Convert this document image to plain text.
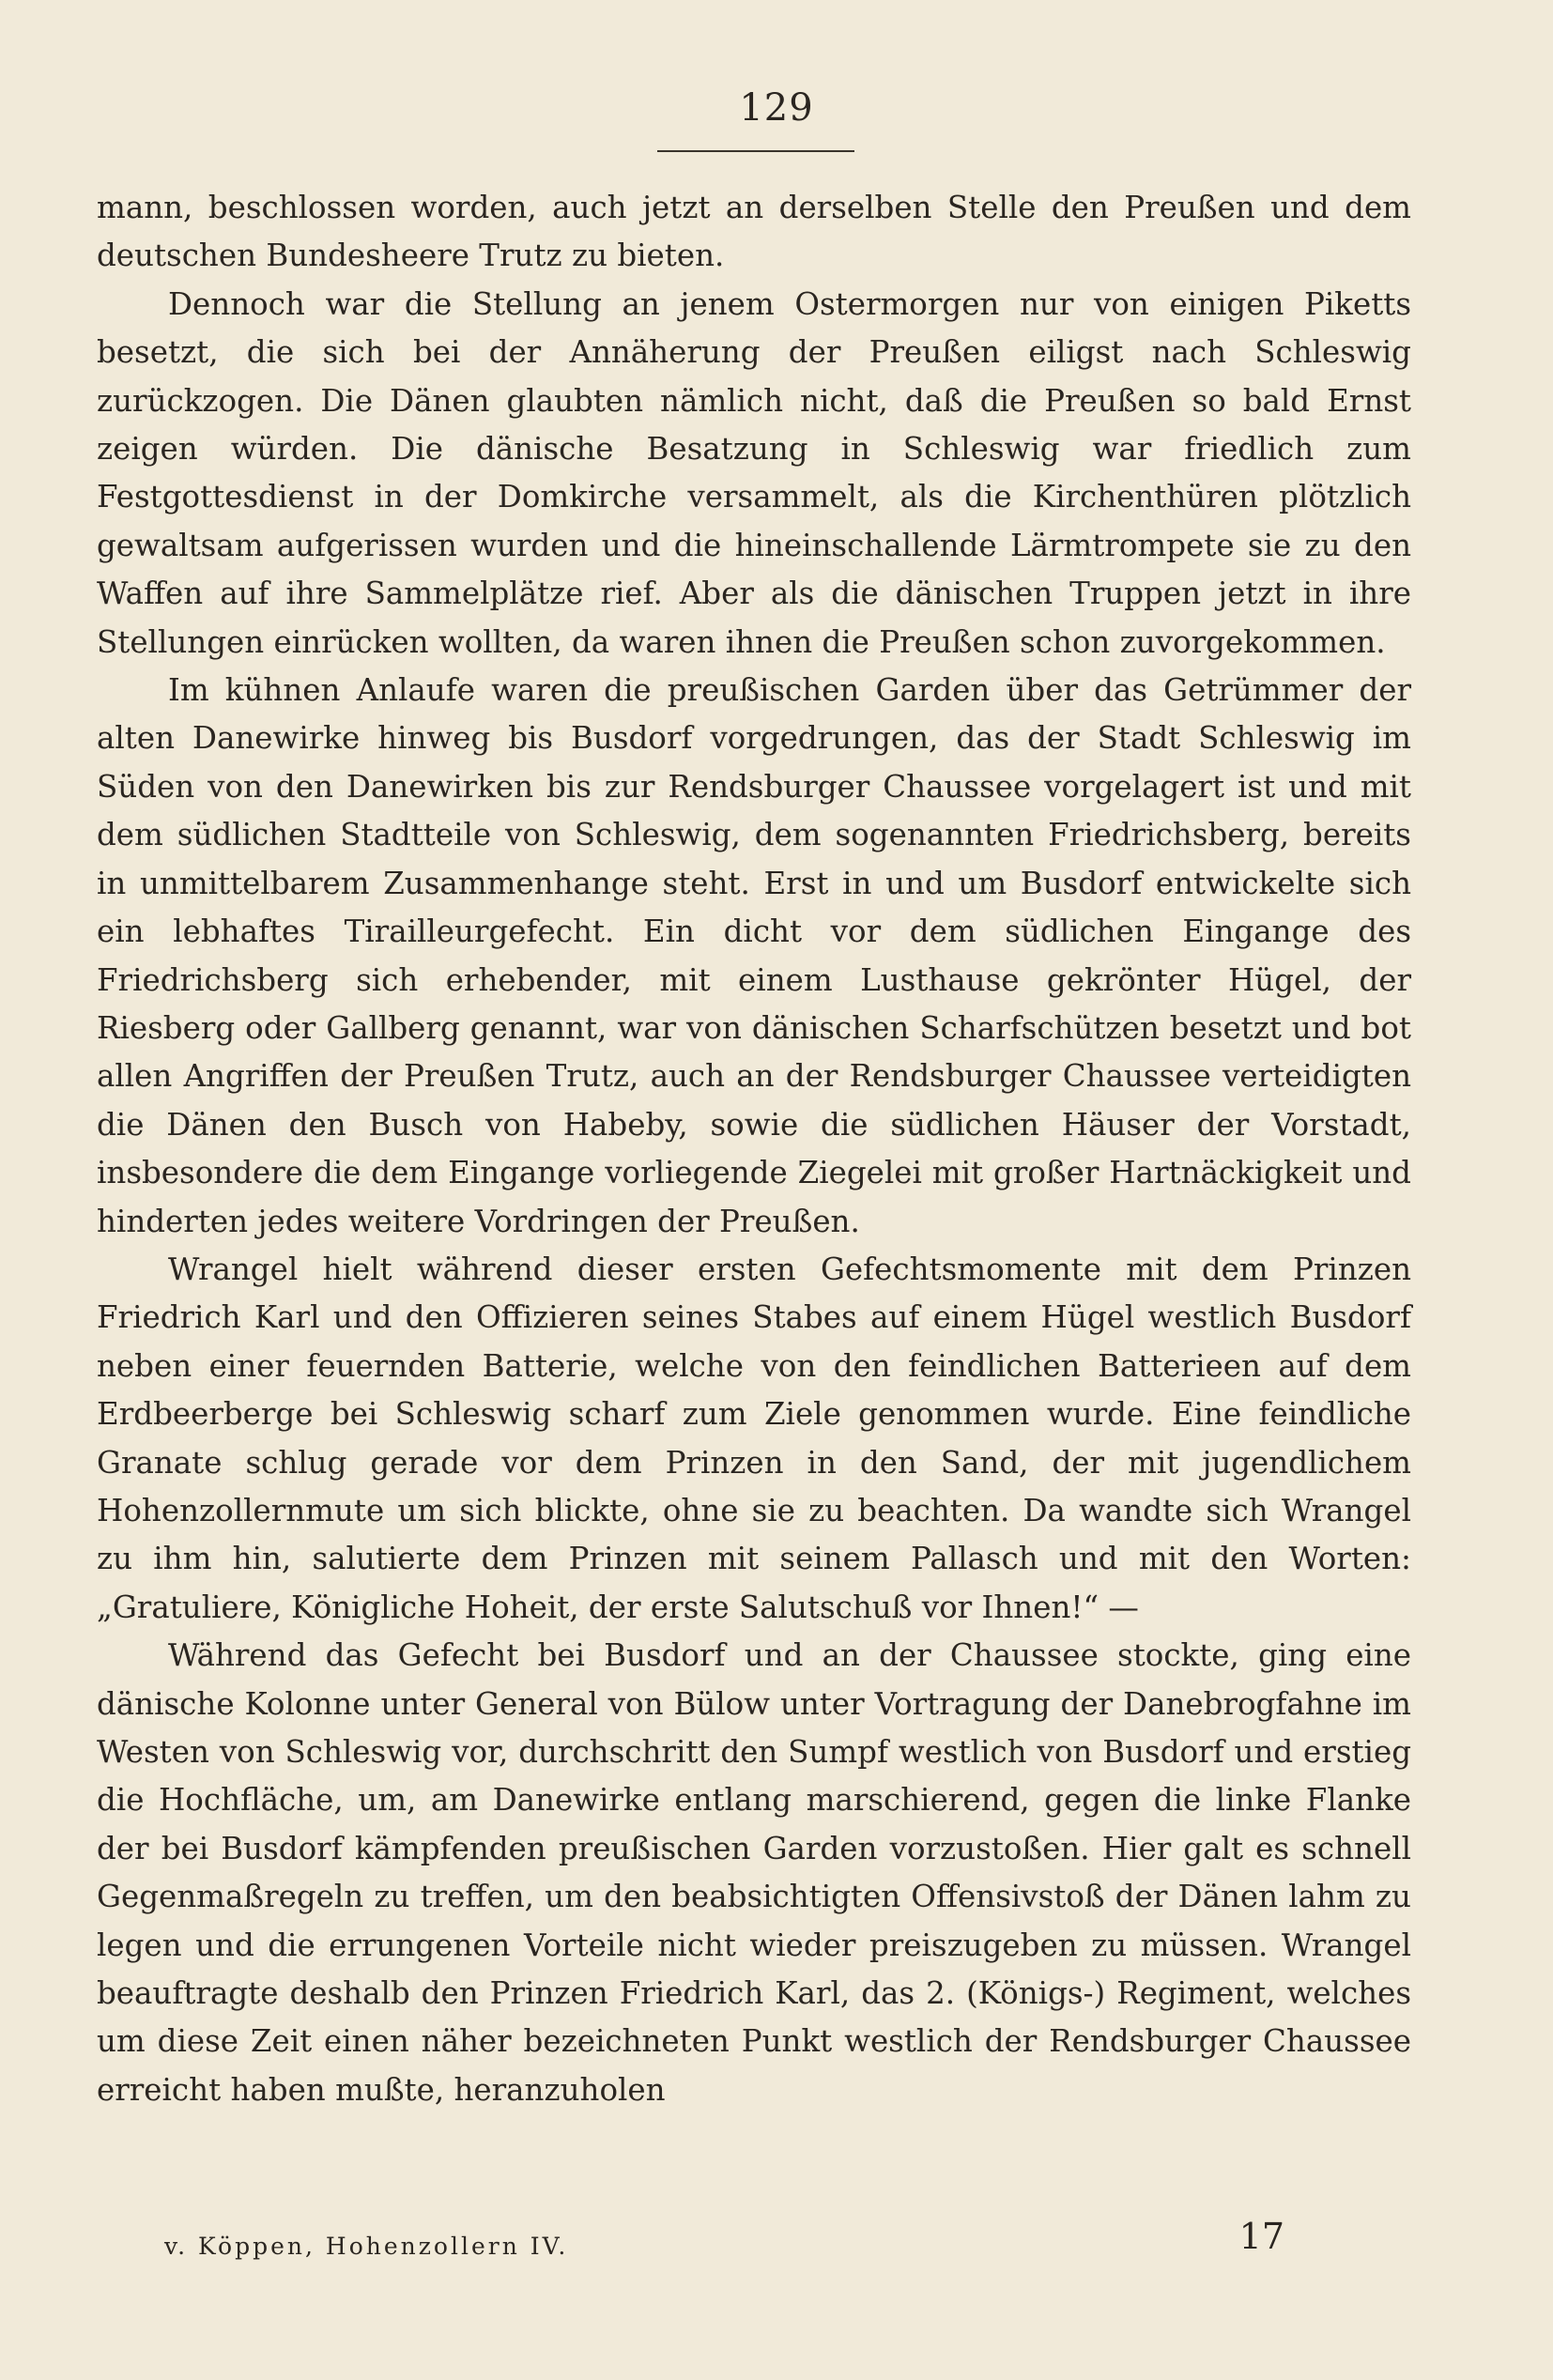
129

mann, beschlossen worden, auch jetzt an derselben Stelle den Preußen und dem deutschen Bundesheere Trutz zu bieten.

Dennoch war die Stellung an jenem Ostermorgen nur von einigen Piketts besetzt, die sich bei der Annäherung der Preußen eiligst nach Schleswig zurückzogen. Die Dänen glaubten nämlich nicht, daß die Preußen so bald Ernst zeigen würden. Die dänische Besatzung in Schleswig war friedlich zum Festgottesdienst in der Domkirche versammelt, als die Kirchenthüren plötzlich gewaltsam aufgerissen wurden und die hineinschallende Lärmtrompete sie zu den Waffen auf ihre Sammelplätze rief. Aber als die dänischen Truppen jetzt in ihre Stellungen einrücken wollten, da waren ihnen die Preußen schon zuvorgekommen.

Im kühnen Anlaufe waren die preußischen Garden über das Getrümmer der alten Danewirke hinweg bis Busdorf vorgedrungen, das der Stadt Schleswig im Süden von den Danewirken bis zur Rendsburger Chaussee vorgelagert ist und mit dem südlichen Stadtteile von Schleswig, dem sogenannten Friedrichsberg, bereits in unmittelbarem Zusammenhange steht. Erst in und um Busdorf entwickelte sich ein lebhaftes Tirailleurgefecht. Ein dicht vor dem südlichen Eingange des Friedrichsberg sich erhebender, mit einem Lusthause gekrönter Hügel, der Riesberg oder Gallberg genannt, war von dänischen Scharfschützen besetzt und bot allen Angriffen der Preußen Trutz, auch an der Rendsburger Chaussee verteidigten die Dänen den Busch von Habeby, sowie die südlichen Häuser der Vorstadt, insbesondere die dem Eingange vorliegende Ziegelei mit großer Hartnäckigkeit und hinderten jedes weitere Vordringen der Preußen.

Wrangel hielt während dieser ersten Gefechtsmomente mit dem Prinzen Friedrich Karl und den Offizieren seines Stabes auf einem Hügel westlich Busdorf neben einer feuernden Batterie, welche von den feindlichen Batterieen auf dem Erdbeerberge bei Schleswig scharf zum Ziele genommen wurde. Eine feindliche Granate schlug gerade vor dem Prinzen in den Sand, der mit jugendlichem Hohenzollernmute um sich blickte, ohne sie zu beachten. Da wandte sich Wrangel zu ihm hin, salutierte dem Prinzen mit seinem Pallasch und mit den Worten: „Gratuliere, Königliche Hoheit, der erste Salutschuß vor Ihnen!“ —

Während das Gefecht bei Busdorf und an der Chaussee stockte, ging eine dänische Kolonne unter General von Bülow unter Vortragung der Danebrogfahne im Westen von Schleswig vor, durchschritt den Sumpf westlich von Busdorf und erstieg die Hochfläche, um, am Danewirke entlang marschierend, gegen die linke Flanke der bei Busdorf kämpfenden preußischen Garden vorzustoßen. Hier galt es schnell Gegenmaßregeln zu treffen, um den beabsichtigten Offensivstoß der Dänen lahm zu legen und die errungenen Vorteile nicht wieder preiszugeben zu müssen. Wrangel beauftragte deshalb den Prinzen Friedrich Karl, das 2. (Königs-) Regiment, welches um diese Zeit einen näher bezeichneten Punkt westlich der Rendsburger Chaussee erreicht haben mußte, heranzuholen

v. Köppen, Hohenzollern IV.	17
